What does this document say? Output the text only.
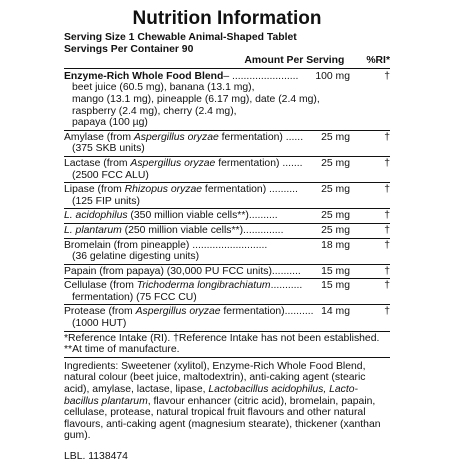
Nutrition Information
Serving Size 1 Chewable Animal-Shaped Tablet
Servings Per Container 90
Amount Per Serving %RI*
Enzyme-Rich Whole Food Blend– .......................	100 mg	†
beet juice (60.5 mg), banana (13.1 mg),
mango (13.1 mg), pineapple (6.17 mg), date (2.4 mg),
raspberry (2.4 mg), cherry (2.4 mg),
papaya (100 µg)
Amylase (from Aspergillus oryzae fermentation) ......	25 mg	†
(375 SKB units)
Lactase (from Aspergillus oryzae fermentation) .......	25 mg	†
(2500 FCC ALU)
Lipase (from Rhizopus oryzae fermentation) ..........	25 mg	†
(125 FIP units)
L. acidophilus (350 million viable cells**)..........	25 mg	†
L. plantarum (250 million viable cells**)..............	25 mg	†
Bromelain (from pineapple) ..........................	18 mg	†
(36 gelatine digesting units)
Papain (from papaya) (30,000 PU FCC units)..........	15 mg	†
Cellulase (from Trichoderma longibrachiatum...........	15 mg	†
fermentation) (75 FCC CU)
Protease (from Aspergillus oryzae fermentation).......... 14 mg	†
(1000 HUT)
*Reference Intake (RI). †Reference Intake has not been established.
**At time of manufacture.
Ingredients: Sweetener (xylitol), Enzyme-Rich Whole Food Blend, natural colour (beet juice, maltodextrin), anti-caking agent (stearic acid), amylase, lactase, lipase, Lactobacillus acidophilus, Lacto-bacillus plantarum, flavour enhancer (citric acid), bromelain, papain, cellulase, protease, natural tropical fruit flavours and other natural flavours, anti-caking agent (magnesium stearate), thickener (xanthan gum).
LBL. 1138474
